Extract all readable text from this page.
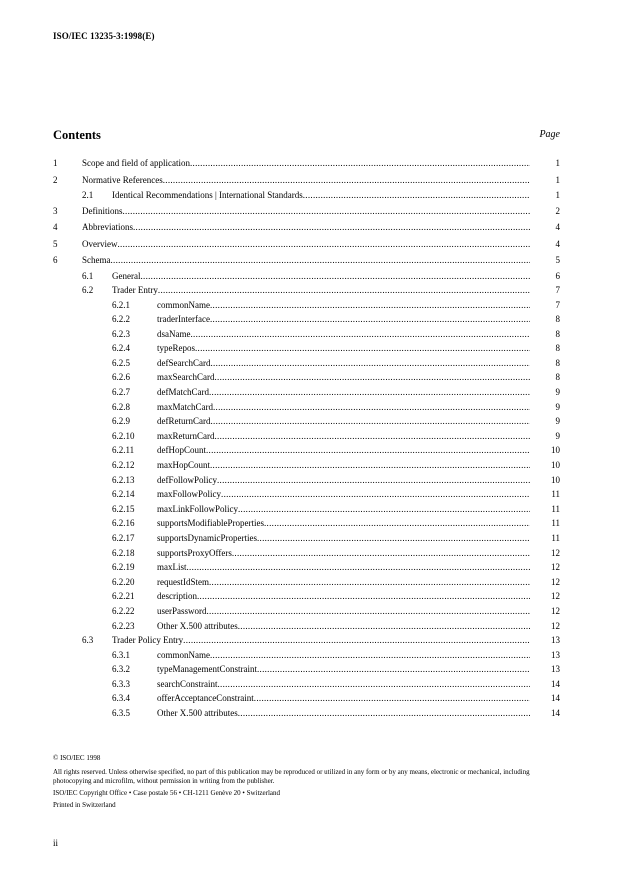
ISO/IEC 13235-3:1998(E)
Contents	Page
1	Scope and field of application .....	1
2	Normative References .....	1
2.1 Identical Recommendations | International Standards .....	1
3	Definitions .....	2
4	Abbreviations .....	4
5	Overview .....	4
6	Schema .....	5
6.1 General .....	6
6.2 Trader Entry .....	7
6.2.1	commonName .....	7
6.2.2	traderInterface .....	8
6.2.3	dsaName .....	8
6.2.4	typeRepos .....	8
6.2.5	defSearchCard .....	8
6.2.6	maxSearchCard .....	8
6.2.7	defMatchCard .....	9
6.2.8	maxMatchCard .....	9
6.2.9	defReturnCard .....	9
6.2.10	maxReturnCard .....	9
6.2.11	defHopCount .....	10
6.2.12	maxHopCount .....	10
6.2.13	defFollowPolicy .....	10
6.2.14	maxFollowPolicy .....	11
6.2.15	maxLinkFollowPolicy .....	11
6.2.16	supportsModifiableProperties .....	11
6.2.17	supportsDynamicProperties .....	11
6.2.18	supportsProxyOffers .....	12
6.2.19	maxList .....	12
6.2.20	requestIdStem .....	12
6.2.21	description .....	12
6.2.22	userPassword .....	12
6.2.23	Other X.500 attributes .....	12
6.3 Trader Policy Entry .....	13
6.3.1	commonName .....	13
6.3.2	typeManagementConstraint .....	13
6.3.3	searchConstraint .....	14
6.3.4	offerAcceptanceConstraint .....	14
6.3.5	Other X.500 attributes .....	14

© ISO/IEC 1998

All rights reserved. Unless otherwise specified, no part of this publication may be reproduced or utilized in any form or by any means, electronic or mechanical, including photocopying and microfilm, without permission in writing from the publisher.

ISO/IEC Copyright Office • Case postale 56 • CH-1211 Genève 20 • Switzerland

Printed in Switzerland

ii
